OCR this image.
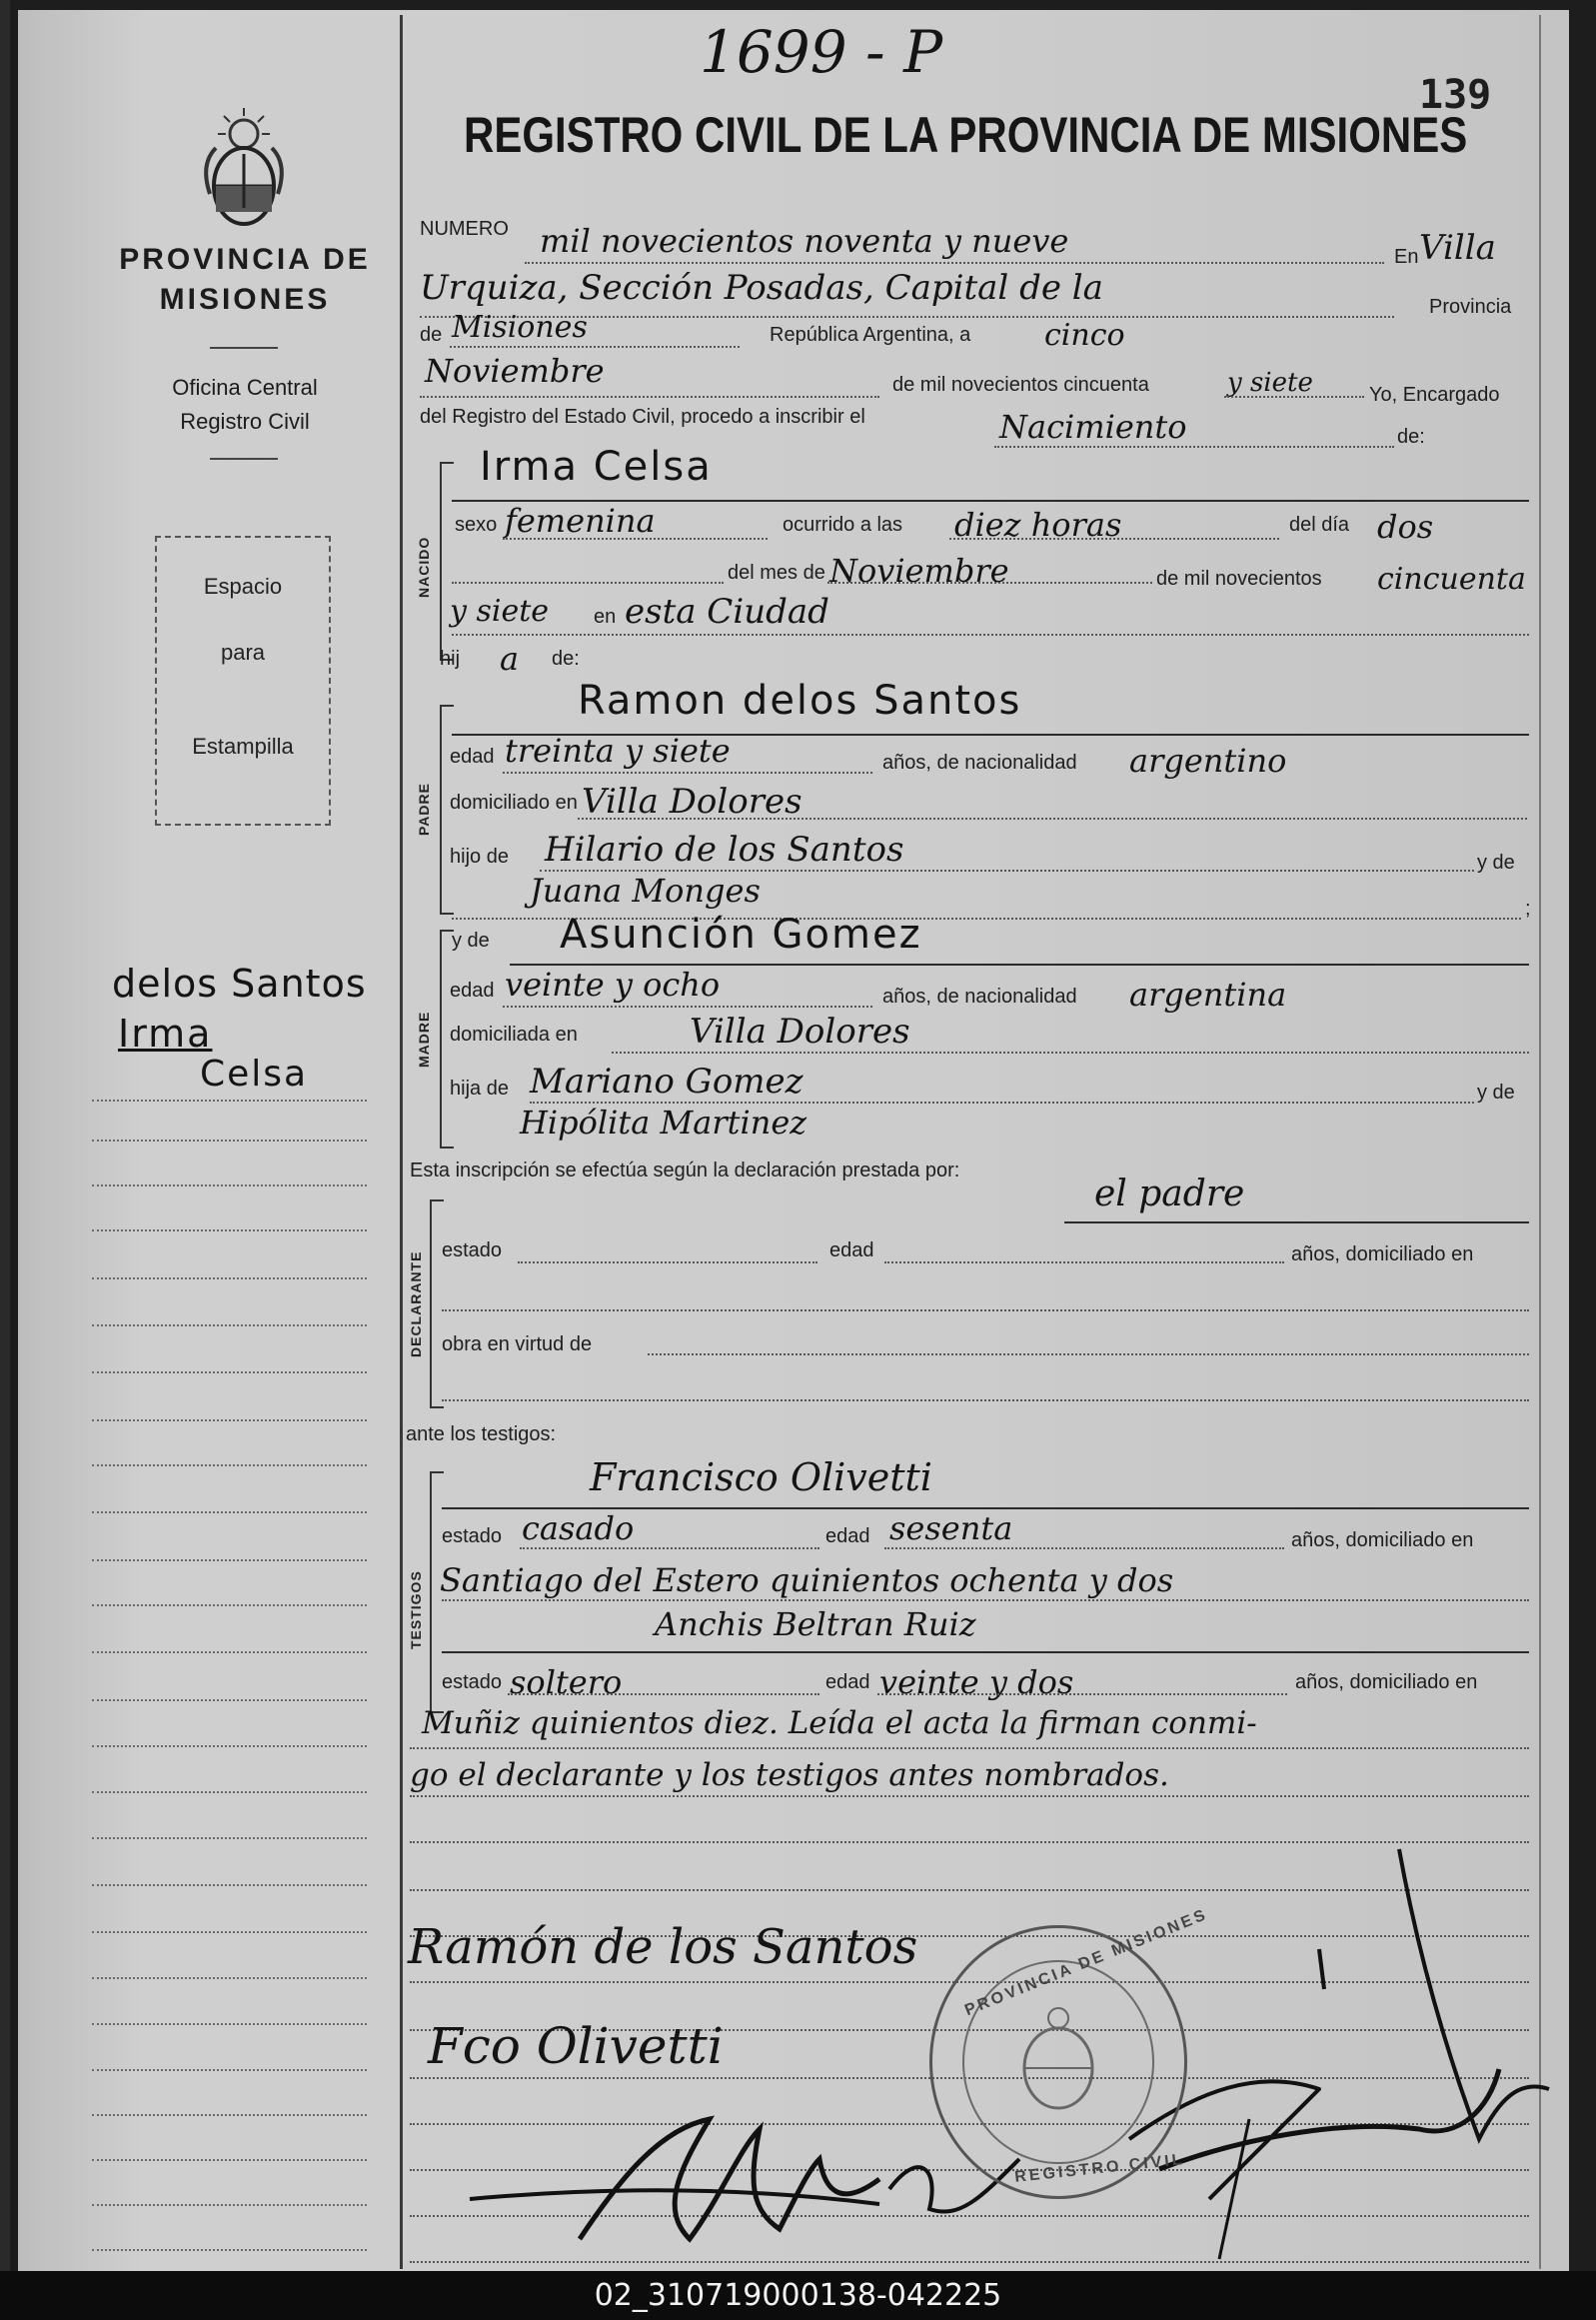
1699 - P
139
REGISTRO CIVIL DE LA PROVINCIA DE MISIONES
PROVINCIA DE
MISIONES
Oficina Central
Registro Civil
Espacio
para
Estampilla
delos Santos
Irma
Celsa
NUMERO mil novecientos noventa y nueve	En Villa
Urquiza, Sección Posadas, Capital de la	Provincia
de Misiones	República Argentina, a cinco
Noviembre	de mil novecientos cincuenta	y siete	Yo, Encargado
del Registro del Estado Civil, procedo a inscribir el	Nacimiento	de:
NACIDO
Irma Celsa
sexo femenina	ocurrido a las diez horas	del día dos
del mes de Noviembre	de mil novecientos cincuenta
y siete en esta Ciudad
hij a de:
PADRE
Ramon delos Santos
edad treinta y siete	años, de nacionalidad argentino
domiciliado en Villa Dolores
hijo de Hilario de los Santos	y de
Juana Monges	;
MADRE
y de Asunción Gomez
edad veinte y ocho	años, de nacionalidad argentina
domiciliada en	Villa Dolores
hija de Mariano Gomez	y de
Hipólita Martinez
Esta inscripción se efectúa según la declaración prestada por:
el padre
DECLARANTE
estado	edad	años, domiciliado en
obra en virtud de
ante los testigos:
TESTIGOS
Francisco Olivetti
estado casado	edad sesenta	años, domiciliado en
Santiago del Estero quinientos ochenta y dos
Anchis Beltran Ruiz
estado soltero	edad veinte y dos	años, domiciliado en
Muñiz quinientos diez. Leída el acta la firman conmi-
go el declarante y los testigos antes nombrados.
Ramón de los Santos
Fco Olivetti
PROVINCIA DE MISIONES
REGISTRO CIVIL
02_310719000138-042225
